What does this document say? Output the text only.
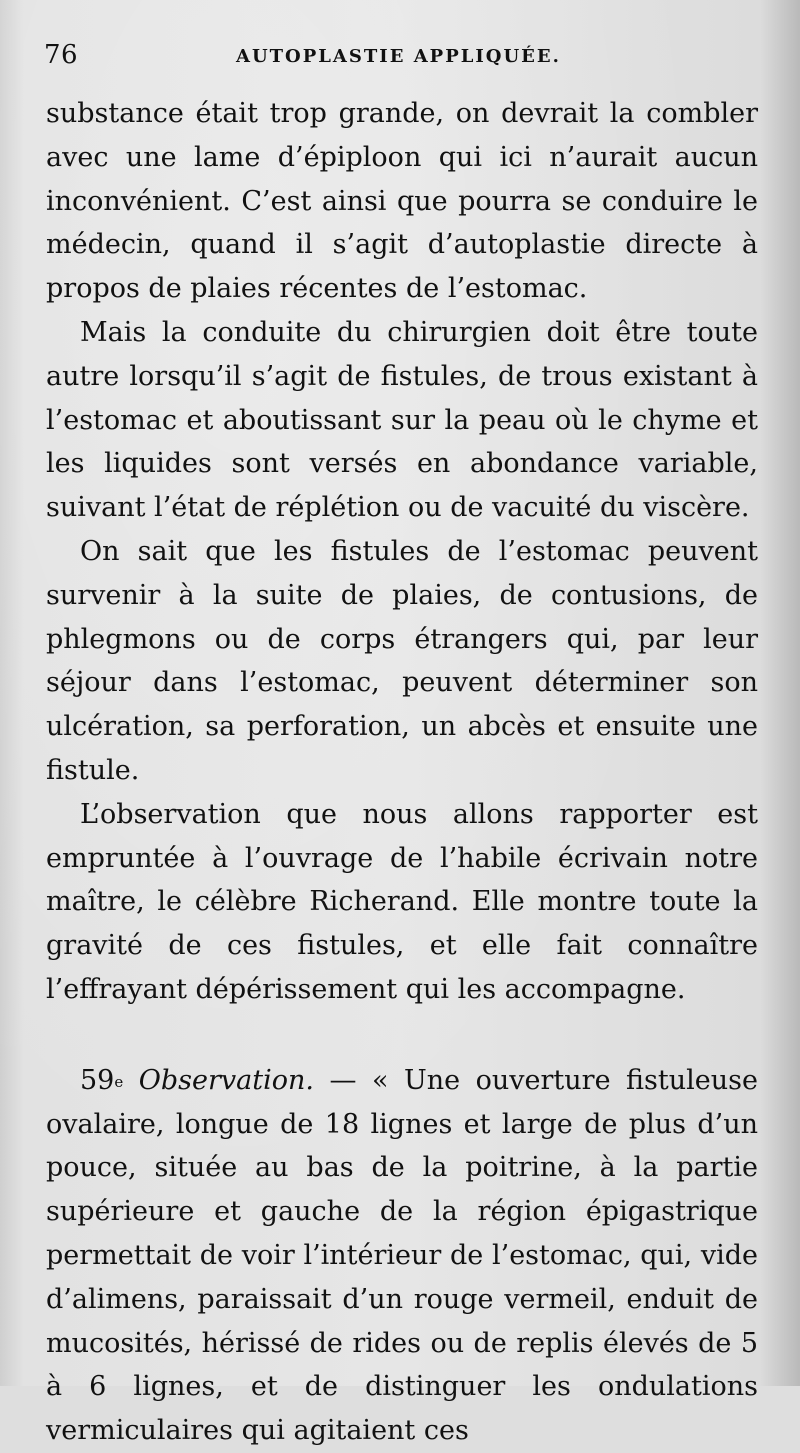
76	AUTOPLASTIE APPLIQUÉE.

substance était trop grande, on devrait la combler avec une lame d’épiploon qui ici n’aurait aucun inconvénient. C’est ainsi que pourra se conduire le médecin, quand il s’agit d’autoplastie directe à propos de plaies récentes de l’estomac.

Mais la conduite du chirurgien doit être toute autre lorsqu’il s’agit de fistules, de trous existant à l’estomac et aboutissant sur la peau où le chyme et les liquides sont versés en abondance variable, suivant l’état de réplétion ou de vacuité du viscère.

On sait que les fistules de l’estomac peuvent survenir à la suite de plaies, de contusions, de phlegmons ou de corps étrangers qui, par leur séjour dans l’estomac, peuvent déterminer son ulcération, sa perforation, un abcès et ensuite une fistule.

L’observation que nous allons rapporter est empruntée à l’ouvrage de l’habile écrivain notre maître, le célèbre Richerand. Elle montre toute la gravité de ces fistules, et elle fait connaître l’effrayant dépérissement qui les accompagne.

59e Observation. — « Une ouverture fistuleuse ovalaire, longue de 18 lignes et large de plus d’un pouce, située au bas de la poitrine, à la partie supérieure et gauche de la région épigastrique permettait de voir l’intérieur de l’estomac, qui, vide d’alimens, paraissait d’un rouge vermeil, enduit de mucosités, hérissé de rides ou de replis élevés de 5 à 6 lignes, et de distinguer les ondulations vermiculaires qui agitaient ces
